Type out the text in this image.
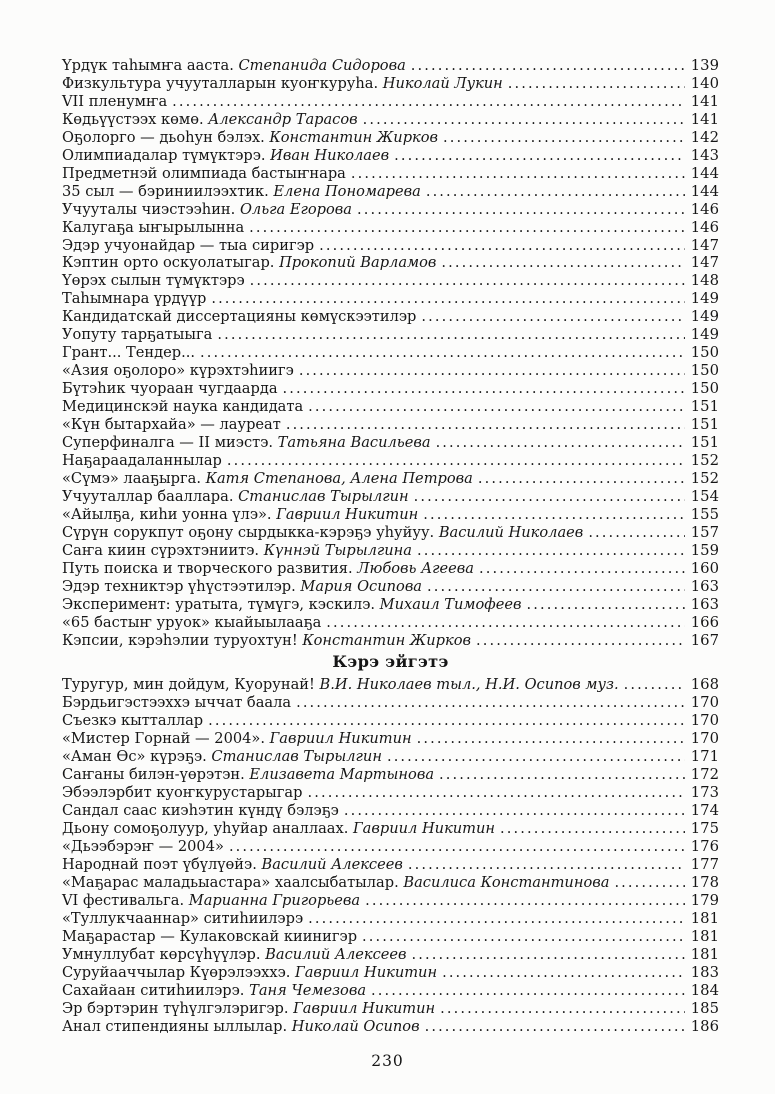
Үрдүк таһымҥа ааста. Степанида Сидорова .....	139
Физкультура учууталларын куоҥкуруһа. Николай Лукин .....	140
VII пленумҥа .....	141
Көдьүүстээх көмө. Александр Тарасов .....	141
Оҕолорго — дьоһун бэлэх. Константин Жирков .....	142
Олимпиадалар түмүктэрэ. Иван Николаев .....	143
Предметнэй олимпиада бастыҥнара .....	144
35 сыл — бэриниилээхтик. Елена Пономарева .....	144
Учууталы чиэстээһин. Ольга Егорова .....	146
Калугаҕа ыҥырылынна .....	146
Эдэр учуонайдар — тыа сиригэр .....	147
Кэптин орто оскуолатыгар. Прокопий Варламов .....	147
Үөрэх сылын түмүктэрэ .....	148
Таһымнара үрдүүр .....	149
Кандидатскай диссертацияны көмүскээтилэр .....	149
Уопуту тарҕатыыга .....	149
Грант... Тендер... .....	150
«Азия оҕолоро» күрэхтэһиигэ .....	150
Бүтэһик чуораан чугдаарда .....	150
Медицинскэй наука кандидата .....	151
«Күн бытархайа» — лауреат .....	151
Суперфиналга — II миэстэ. Татьяна Васильева .....	151
Наҕараадаланнылар .....	152
«Сүмэ» лааҕырга. Катя Степанова, Алена Петрова .....	152
Учууталлар бааллара. Станислав Тырылгин .....	154
«Айылҕа, киһи уонна үлэ». Гавриил Никитин .....	155
Сүрүн сорукпут оҕону сырдыкка-кэрэҕэ уһуйуу. Василий Николаев .....	157
Саҥа киин сүрэхтэниитэ. Күннэй Тырылгина .....	159
Путь поиска и творческого развития. Любовь Агеева .....	160
Эдэр техниктэр үһүстээтилэр. Мария Осипова .....	163
Эксперимент: уратыта, түмүгэ, кэскилэ. Михаил Тимофеев .....	163
«65 бастыҥ уруок» кыайыылааҕа .....	166
Кэпсии, кэрэһэлии туруохтун! Константин Жирков .....	167
Кэрэ эйгэтэ
Туругур, мин дойдум, Куорунай! В.И. Николаев тыл., Н.И. Осипов муз. .....	168
Бэрдьигэстээххэ ыччат баала .....	170
Съезкэ кытталлар .....	170
«Мистер Горнай — 2004». Гавриил Никитин .....	170
«Аман Өс» күрэҕэ. Станислав Тырылгин .....	171
Саҥаны билэн-үөрэтэн. Елизавета Мартынова .....	172
Эбээлэрбит куоҥкурустарыгар .....	173
Сандал саас киэһэтин күндү бэлэҕэ .....	174
Дьону сомоҕолуур, уһуйар аналлаах. Гавриил Никитин .....	175
«Дьээбэрэҥ — 2004» .....	176
Народнай поэт үбүлүөйэ. Василий Алексеев .....	177
«Маҕарас маладьыастара» хаалсыбатылар. Василиса Константинова .....	178
VI фестивальга. Марианна Григорьева .....	179
«Туллукчааннар» ситиһиилэрэ .....	181
Маҕарастар — Кулаковскай киинигэр .....	181
Умнуллубат көрсүһүүлэр. Василий Алексеев .....	181
Суруйааччылар Күөрэлээххэ. Гавриил Никитин .....	183
Сахайаан ситиһиилэрэ. Таня Чемезова .....	184
Эр бэртэрин түһүлгэлэригэр. Гавриил Никитин .....	185
Анал стипендияны ыллылар. Николай Осипов .....	186
230
